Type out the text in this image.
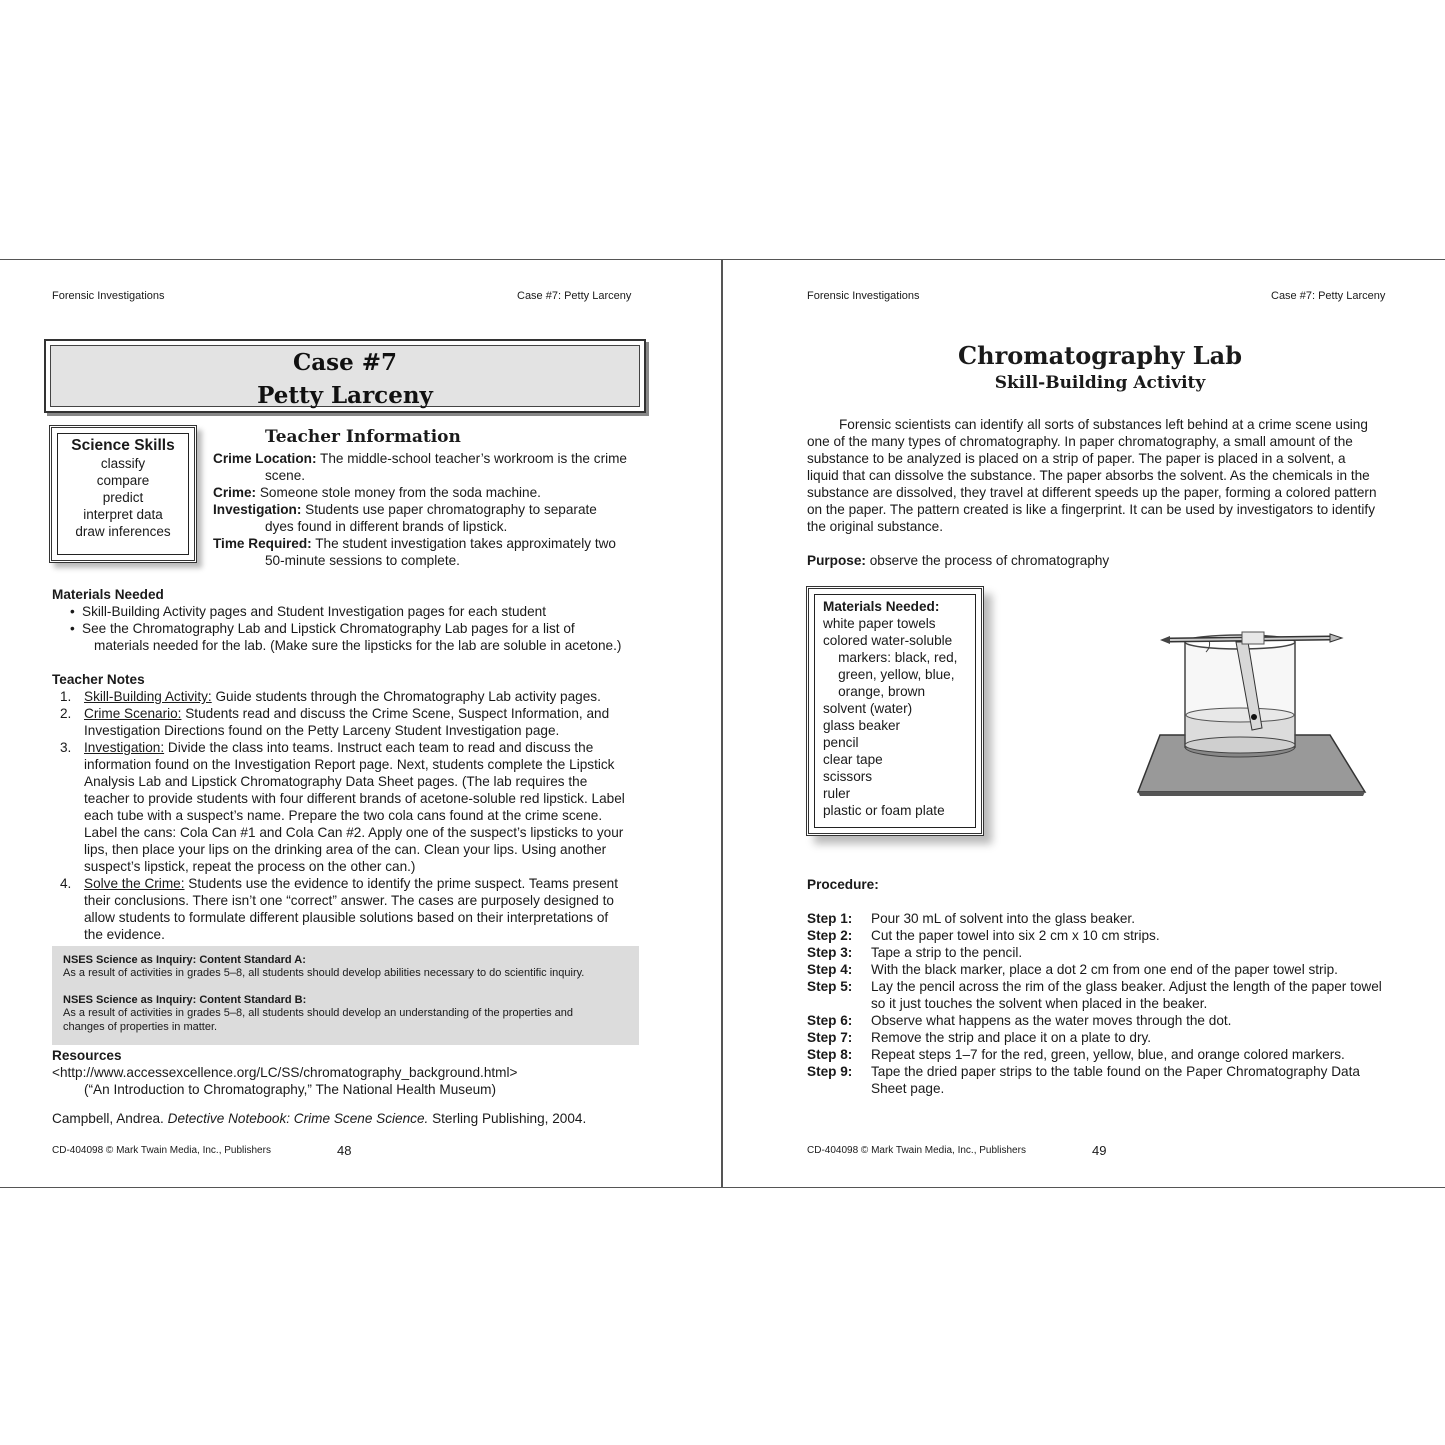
Forensic Investigations	Case #7: Petty Larceny
Case #7
Petty Larceny
Science Skills
classify
compare
predict
interpret data
draw inferences
Teacher Information
Crime Location: The middle-school teacher’s workroom is the crime
scene.
Crime: Someone stole money from the soda machine.
Investigation: Students use paper chromatography to separate
dyes found in different brands of lipstick.
Time Required: The student investigation takes approximately two
50-minute sessions to complete.
Materials Needed
• Skill-Building Activity pages and Student Investigation pages for each student
• See the Chromatography Lab and Lipstick Chromatography Lab pages for a list of
materials needed for the lab. (Make sure the lipsticks for the lab are soluble in acetone.)
Teacher Notes
1. Skill-Building Activity: Guide students through the Chromatography Lab activity pages.
2. Crime Scenario: Students read and discuss the Crime Scene, Suspect Information, and
Investigation Directions found on the Petty Larceny Student Investigation page.
3. Investigation: Divide the class into teams. Instruct each team to read and discuss the
information found on the Investigation Report page. Next, students complete the Lipstick
Analysis Lab and Lipstick Chromatography Data Sheet pages. (The lab requires the
teacher to provide students with four different brands of acetone-soluble red lipstick. Label
each tube with a suspect’s name. Prepare the two cola cans found at the crime scene.
Label the cans: Cola Can #1 and Cola Can #2. Apply one of the suspect’s lipsticks to your
lips, then place your lips on the drinking area of the can. Clean your lips. Using another
suspect’s lipstick, repeat the process on the other can.)
4. Solve the Crime: Students use the evidence to identify the prime suspect. Teams present
their conclusions. There isn’t one “correct” answer. The cases are purposely designed to
allow students to formulate different plausible solutions based on their interpretations of
the evidence.
NSES Science as Inquiry: Content Standard A:
As a result of activities in grades 5–8, all students should develop abilities necessary to do scientific inquiry.
NSES Science as Inquiry: Content Standard B:
As a result of activities in grades 5–8, all students should develop an understanding of the properties and
changes of properties in matter.
Resources
<http://www.accessexcellence.org/LC/SS/chromatography_background.html>
(“An Introduction to Chromatography,” The National Health Museum)
Campbell, Andrea. Detective Notebook: Crime Scene Science. Sterling Publishing, 2004.
CD-404098 © Mark Twain Media, Inc., Publishers	48
Forensic Investigations	Case #7: Petty Larceny
Chromatography Lab
Skill-Building Activity
Forensic scientists can identify all sorts of substances left behind at a crime scene using
one of the many types of chromatography. In paper chromatography, a small amount of the
substance to be analyzed is placed on a strip of paper. The paper is placed in a solvent, a
liquid that can dissolve the substance. The paper absorbs the solvent. As the chemicals in the
substance are dissolved, they travel at different speeds up the paper, forming a colored pattern
on the paper. The pattern created is like a fingerprint. It can be used by investigators to identify
the original substance.
Purpose: observe the process of chromatography
Materials Needed:
white paper towels
colored water-soluble
markers: black, red,
green, yellow, blue,
orange, brown
solvent (water)
glass beaker
pencil
clear tape
scissors
ruler
plastic or foam plate
Procedure:
Step 1: Pour 30 mL of solvent into the glass beaker.
Step 2: Cut the paper towel into six 2 cm x 10 cm strips.
Step 3: Tape a strip to the pencil.
Step 4: With the black marker, place a dot 2 cm from one end of the paper towel strip.
Step 5: Lay the pencil across the rim of the glass beaker. Adjust the length of the paper towel
so it just touches the solvent when placed in the beaker.
Step 6: Observe what happens as the water moves through the dot.
Step 7: Remove the strip and place it on a plate to dry.
Step 8: Repeat steps 1–7 for the red, green, yellow, blue, and orange colored markers.
Step 9: Tape the dried paper strips to the table found on the Paper Chromatography Data
Sheet page.
CD-404098 © Mark Twain Media, Inc., Publishers	49
